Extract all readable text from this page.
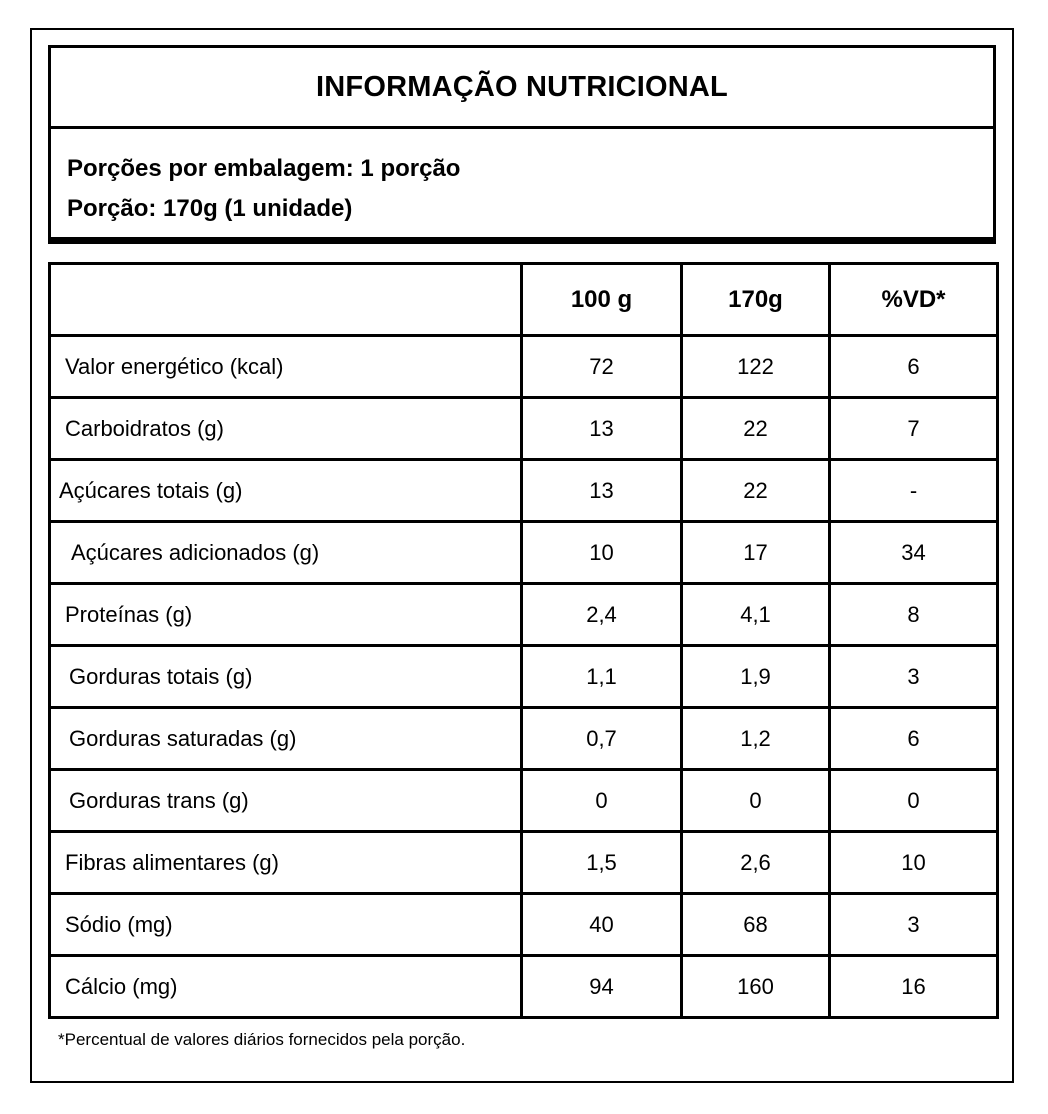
INFORMAÇÃO NUTRICIONAL
Porções por embalagem: 1 porção
Porção: 170g (1 unidade)
	100 g	170g	%VD*
Valor energético (kcal)	72	122	6
Carboidratos (g)	13	22	7
Açúcares totais (g)	13	22	-
Açúcares adicionados (g)	10	17	34
Proteínas (g)	2,4	4,1	8
Gorduras totais (g)	1,1	1,9	3
Gorduras saturadas (g)	0,7	1,2	6
Gorduras trans (g)	0	0	0
Fibras alimentares (g)	1,5	2,6	10
Sódio (mg)	40	68	3
Cálcio (mg)	94	160	16
*Percentual de valores diários fornecidos pela porção.
